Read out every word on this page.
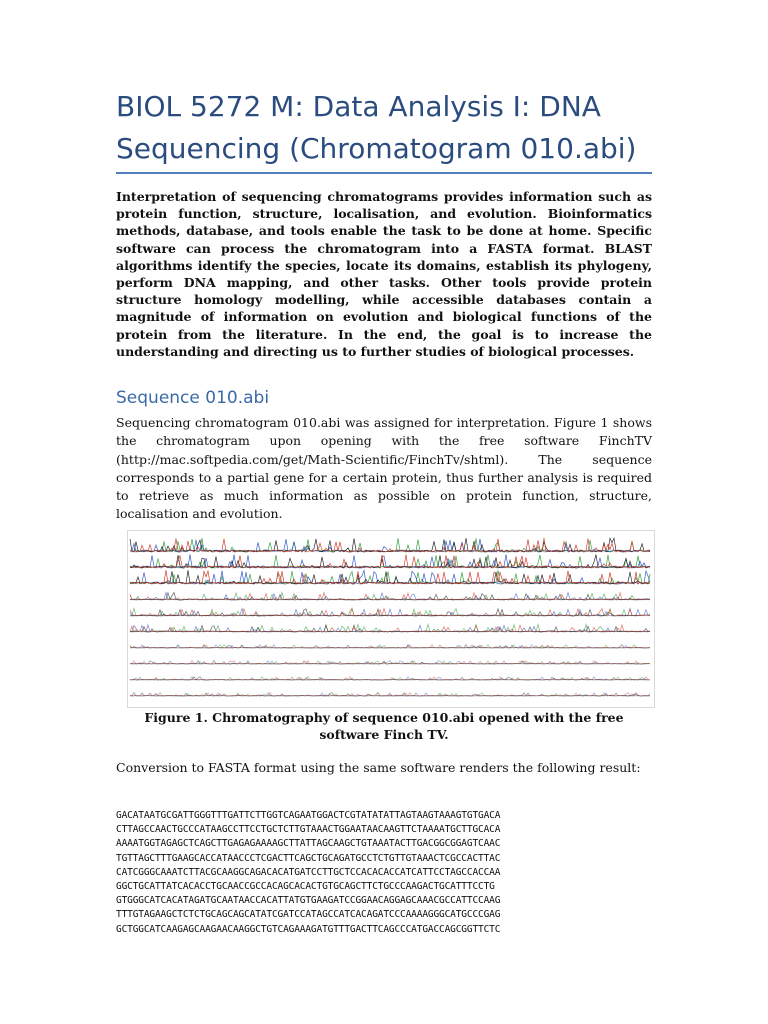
BIOL 5272 M: Data Analysis I: DNA Sequencing (Chromatogram 010.abi)

Interpretation of sequencing chromatograms provides information such as protein function, structure, localisation, and evolution. Bioinformatics methods, database, and tools enable the task to be done at home. Specific software can process the chromatogram into a FASTA format. BLAST algorithms identify the species, locate its domains, establish its phylogeny, perform DNA mapping, and other tasks. Other tools provide protein structure homology modelling, while accessible databases contain a magnitude of information on evolution and biological functions of the protein from the literature. In the end, the goal is to increase the understanding and directing us to further studies of biological processes.

Sequence 010.abi

Sequencing chromatogram 010.abi was assigned for interpretation. Figure 1 shows the chromatogram upon opening with the free software FinchTV (http://mac.softpedia.com/get/Math-Scientific/FinchTv/shtml). The sequence corresponds to a partial gene for a certain protein, thus further analysis is required to retrieve as much information as possible on protein function, structure, localisation and evolution.

Figure 1. Chromatography of sequence 010.abi opened with the free software Finch TV.

Conversion to FASTA format using the same software renders the following result:

GACATAATGCGATTGGGTTTGATTCTTGGTCAGAATGGACTCGTATATATTAGTAAGTAAAGTGTGACA
CTTAGCCAACTGCCCATAAGCCTTCCTGCTCTTGTAAACTGGAATAACAAGTTCTAAAATGCTTGCACA
AAAATGGTAGAGCTCAGCTTGAGAGAAAAGCTTATTAGCAAGCTGTAAATACTTGACGGCGGAGTCAAC
TGTTAGCTTTGAAGCACCATAACCCTCGACTTCAGCTGCAGATGCCTCTGTTGTAAACTCGCCACTTAC
CATCGGGCAAATCTTACGCAAGGCAGACACATGATCCTTGCTCCACACACCATCATTCCTAGCCACCAA
GGCTGCATTATCACACCTGCAACCGCCACAGCACACTGTGCAGCTTCTGCCCAAGACTGCATTTCCTG
GTGGGCATCACATAGATGCAATAACCACATTATGTGAAGATCCGGAACAGGAGCAAACGCCATTCCAAG
TTTGTAGAAGCTCTCTGCAGCAGCATATCGATCCATAGCCATCACAGATCCCAAAAGGGCATGCCCGAG
GCTGGCATCAAGAGCAAGAACAAGGCTGTCAGAAAGATGTTTGACTTCAGCCCATGACCAGCGGTTCTC
